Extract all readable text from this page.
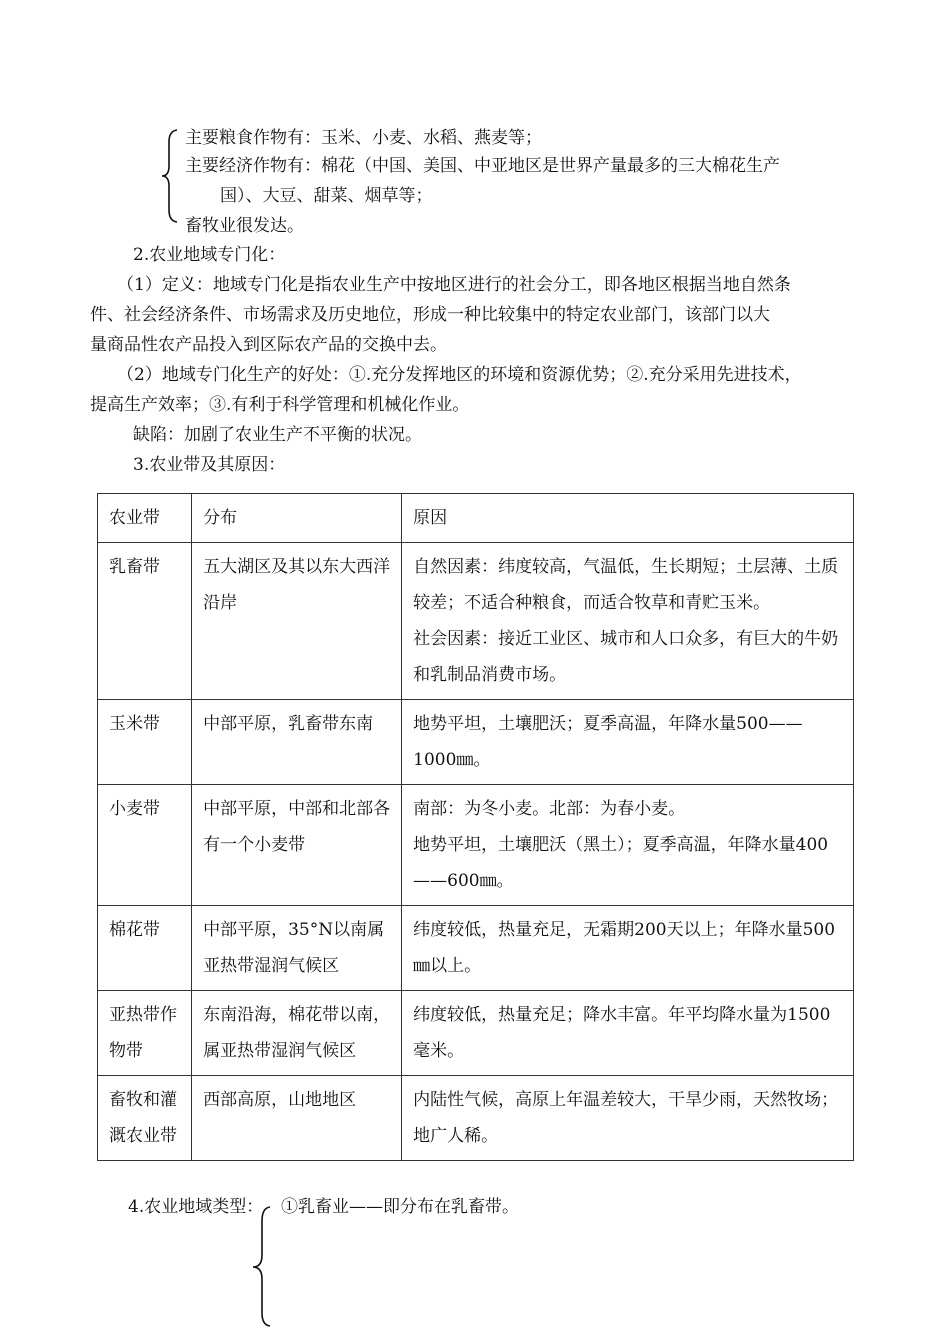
主要粮食作物有：玉米、小麦、水稻、燕麦等；
主要经济作物有：棉花（中国、美国、中亚地区是世界产量最多的三大棉花生产
国）、大豆、甜菜、烟草等；
畜牧业很发达。
2.农业地域专门化：
（1）定义：地域专门化是指农业生产中按地区进行的社会分工，即各地区根据当地自然条
件、社会经济条件、市场需求及历史地位，形成一种比较集中的特定农业部门，该部门以大
量商品性农产品投入到区际农产品的交换中去。
（2）地域专门化生产的好处：①.充分发挥地区的环境和资源优势；②.充分采用先进技术，
提高生产效率；③.有利于科学管理和机械化作业。
缺陷：加剧了农业生产不平衡的状况。
3.农业带及其原因：
农业带	分布	原因
乳畜带	五大湖区及其以东大西洋沿岸	自然因素：纬度较高，气温低，生长期短；土层薄、土质较差；不适合种粮食，而适合牧草和青贮玉米。

社会因素：接近工业区、城市和人口众多，有巨大的牛奶和乳制品消费市场。

玉米带	中部平原，乳畜带东南	地势平坦，土壤肥沃；夏季高温，年降水量500——1000㎜。

小麦带	中部平原，中部和北部各有一个小麦带	南部：为冬小麦。北部：为春小麦。

地势平坦，土壤肥沃（黑土）；夏季高温，年降水量400——600㎜。

棉花带	中部平原，35°N以南属亚热带湿润气候区	纬度较低，热量充足，无霜期200天以上；年降水量500 ㎜以上。

亚热带作物带	东南沿海，棉花带以南，属亚热带湿润气候区	纬度较低，热量充足；降水丰富。年平均降水量为1500毫米。

畜牧和灌溉农业带	西部高原，山地地区	内陆性气候，高原上年温差较大，干旱少雨，天然牧场；地广人稀。

4.农业地域类型： ①乳畜业——即分布在乳畜带。
